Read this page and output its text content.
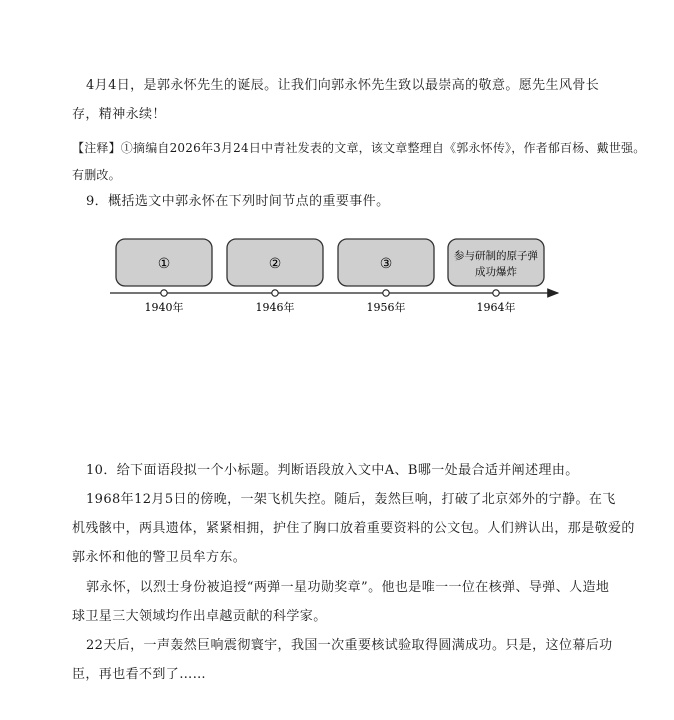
4月4日，是郭永怀先生的诞辰。让我们向郭永怀先生致以最崇高的敬意。愿先生风骨长
存，精神永续！
【注释】①摘编自2026年3月24日中青社发表的文章，该文章整理自《郭永怀传》，作者郁百杨、戴世强。
有删改。
9．概括选文中郭永怀在下列时间节点的重要事件。
①	②	③	参与研制的原子弹
成功爆炸
1940年	1946年	1956年	1964年
10．给下面语段拟一个小标题。判断语段放入文中A、B哪一处最合适并阐述理由。
1968年12月5日的傍晚，一架飞机失控。随后，轰然巨响，打破了北京郊外的宁静。在飞
机残骸中，两具遗体，紧紧相拥，护住了胸口放着重要资料的公文包。人们辨认出，那是敬爱的
郭永怀和他的警卫员牟方东。
郭永怀，以烈士身份被追授“两弹一星功勋奖章”。他也是唯一一位在核弹、导弹、人造地
球卫星三大领域均作出卓越贡献的科学家。
22天后，一声轰然巨响震彻寰宇，我国一次重要核试验取得圆满成功。只是，这位幕后功
臣，再也看不到了……
